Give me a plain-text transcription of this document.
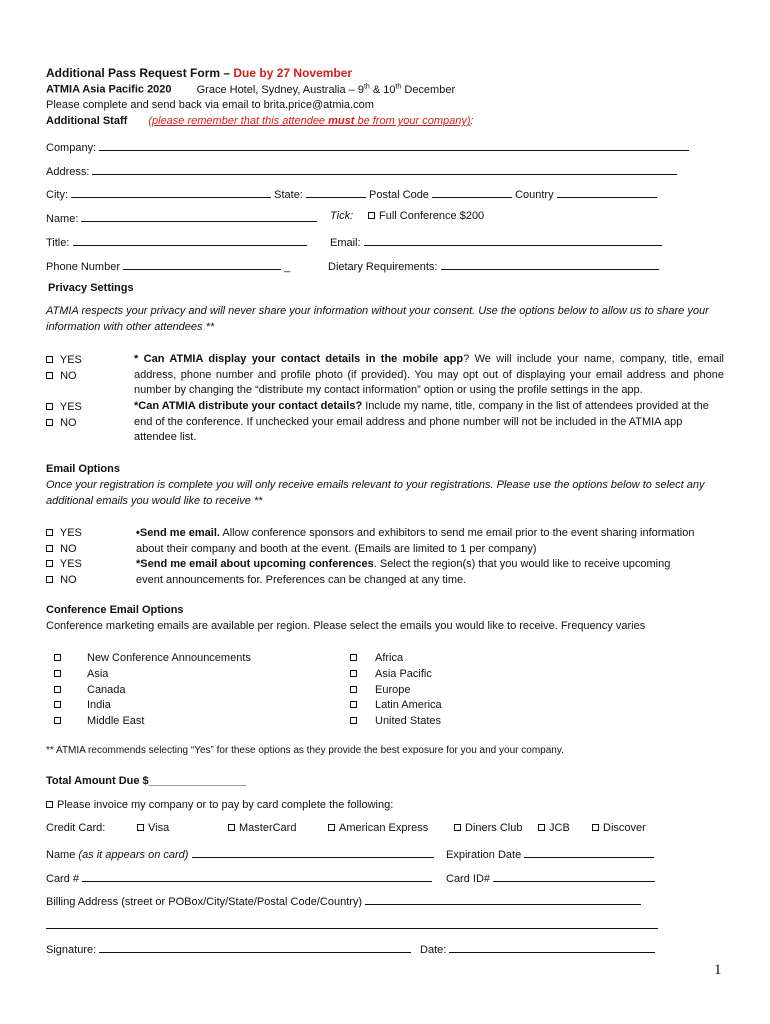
Additional Pass Request Form – Due by 27 November
ATMIA Asia Pacific 2020 Grace Hotel, Sydney, Australia – 9th & 10th December
Please complete and send back via email to brita.price@atmia.com
Additional Staff (please remember that this attendee must be from your company):
Company:
Address:
City:	State:	Postal Code	Country
Name:	Tick:	Full Conference $200
Title:	Email:
Phone Number	_	Dietary Requirements:
Privacy Settings
ATMIA respects your privacy and will never share your information without your consent. Use the options below to allow us to share your information with other attendees **
YES
NO
* Can ATMIA display your contact details in the mobile app? We will include your name, company, title, email address, phone number and profile photo (if provided). You may opt out of displaying your email address and phone number by changing the “distribute my contact information” option or using the profile settings in the app.
YES
NO
*Can ATMIA distribute your contact details? Include my name, title, company in the list of attendees provided at the end of the conference. If unchecked your email address and phone number will not be included in the ATMIA app attendee list.
Email Options
Once your registration is complete you will only receive emails relevant to your registrations. Please use the options below to select any additional emails you would like to receive **
YES
NO
YES
NO
•Send me email. Allow conference sponsors and exhibitors to send me email prior to the event sharing information about their company and booth at the event. (Emails are limited to 1 per company)
*Send me email about upcoming conferences. Select the region(s) that you would like to receive upcoming event announcements for. Preferences can be changed at any time.
Conference Email Options
Conference marketing emails are available per region. Please select the emails you would like to receive. Frequency varies
New Conference Announcements
Asia
Canada
India
Middle East
Africa
Asia Pacific
Europe
Latin America
United States
** ATMIA recommends selecting “Yes” for these options as they provide the best exposure for you and your company.
Total Amount Due $________________
Please invoice my company or to pay by card complete the following:
Credit Card:	Visa	MasterCard	American Express	Diners Club	JCB	Discover
Name (as it appears on card)	Expiration Date
Card #	Card ID#
Billing Address (street or POBox/City/State/Postal Code/Country)
Signature:	Date:
1
